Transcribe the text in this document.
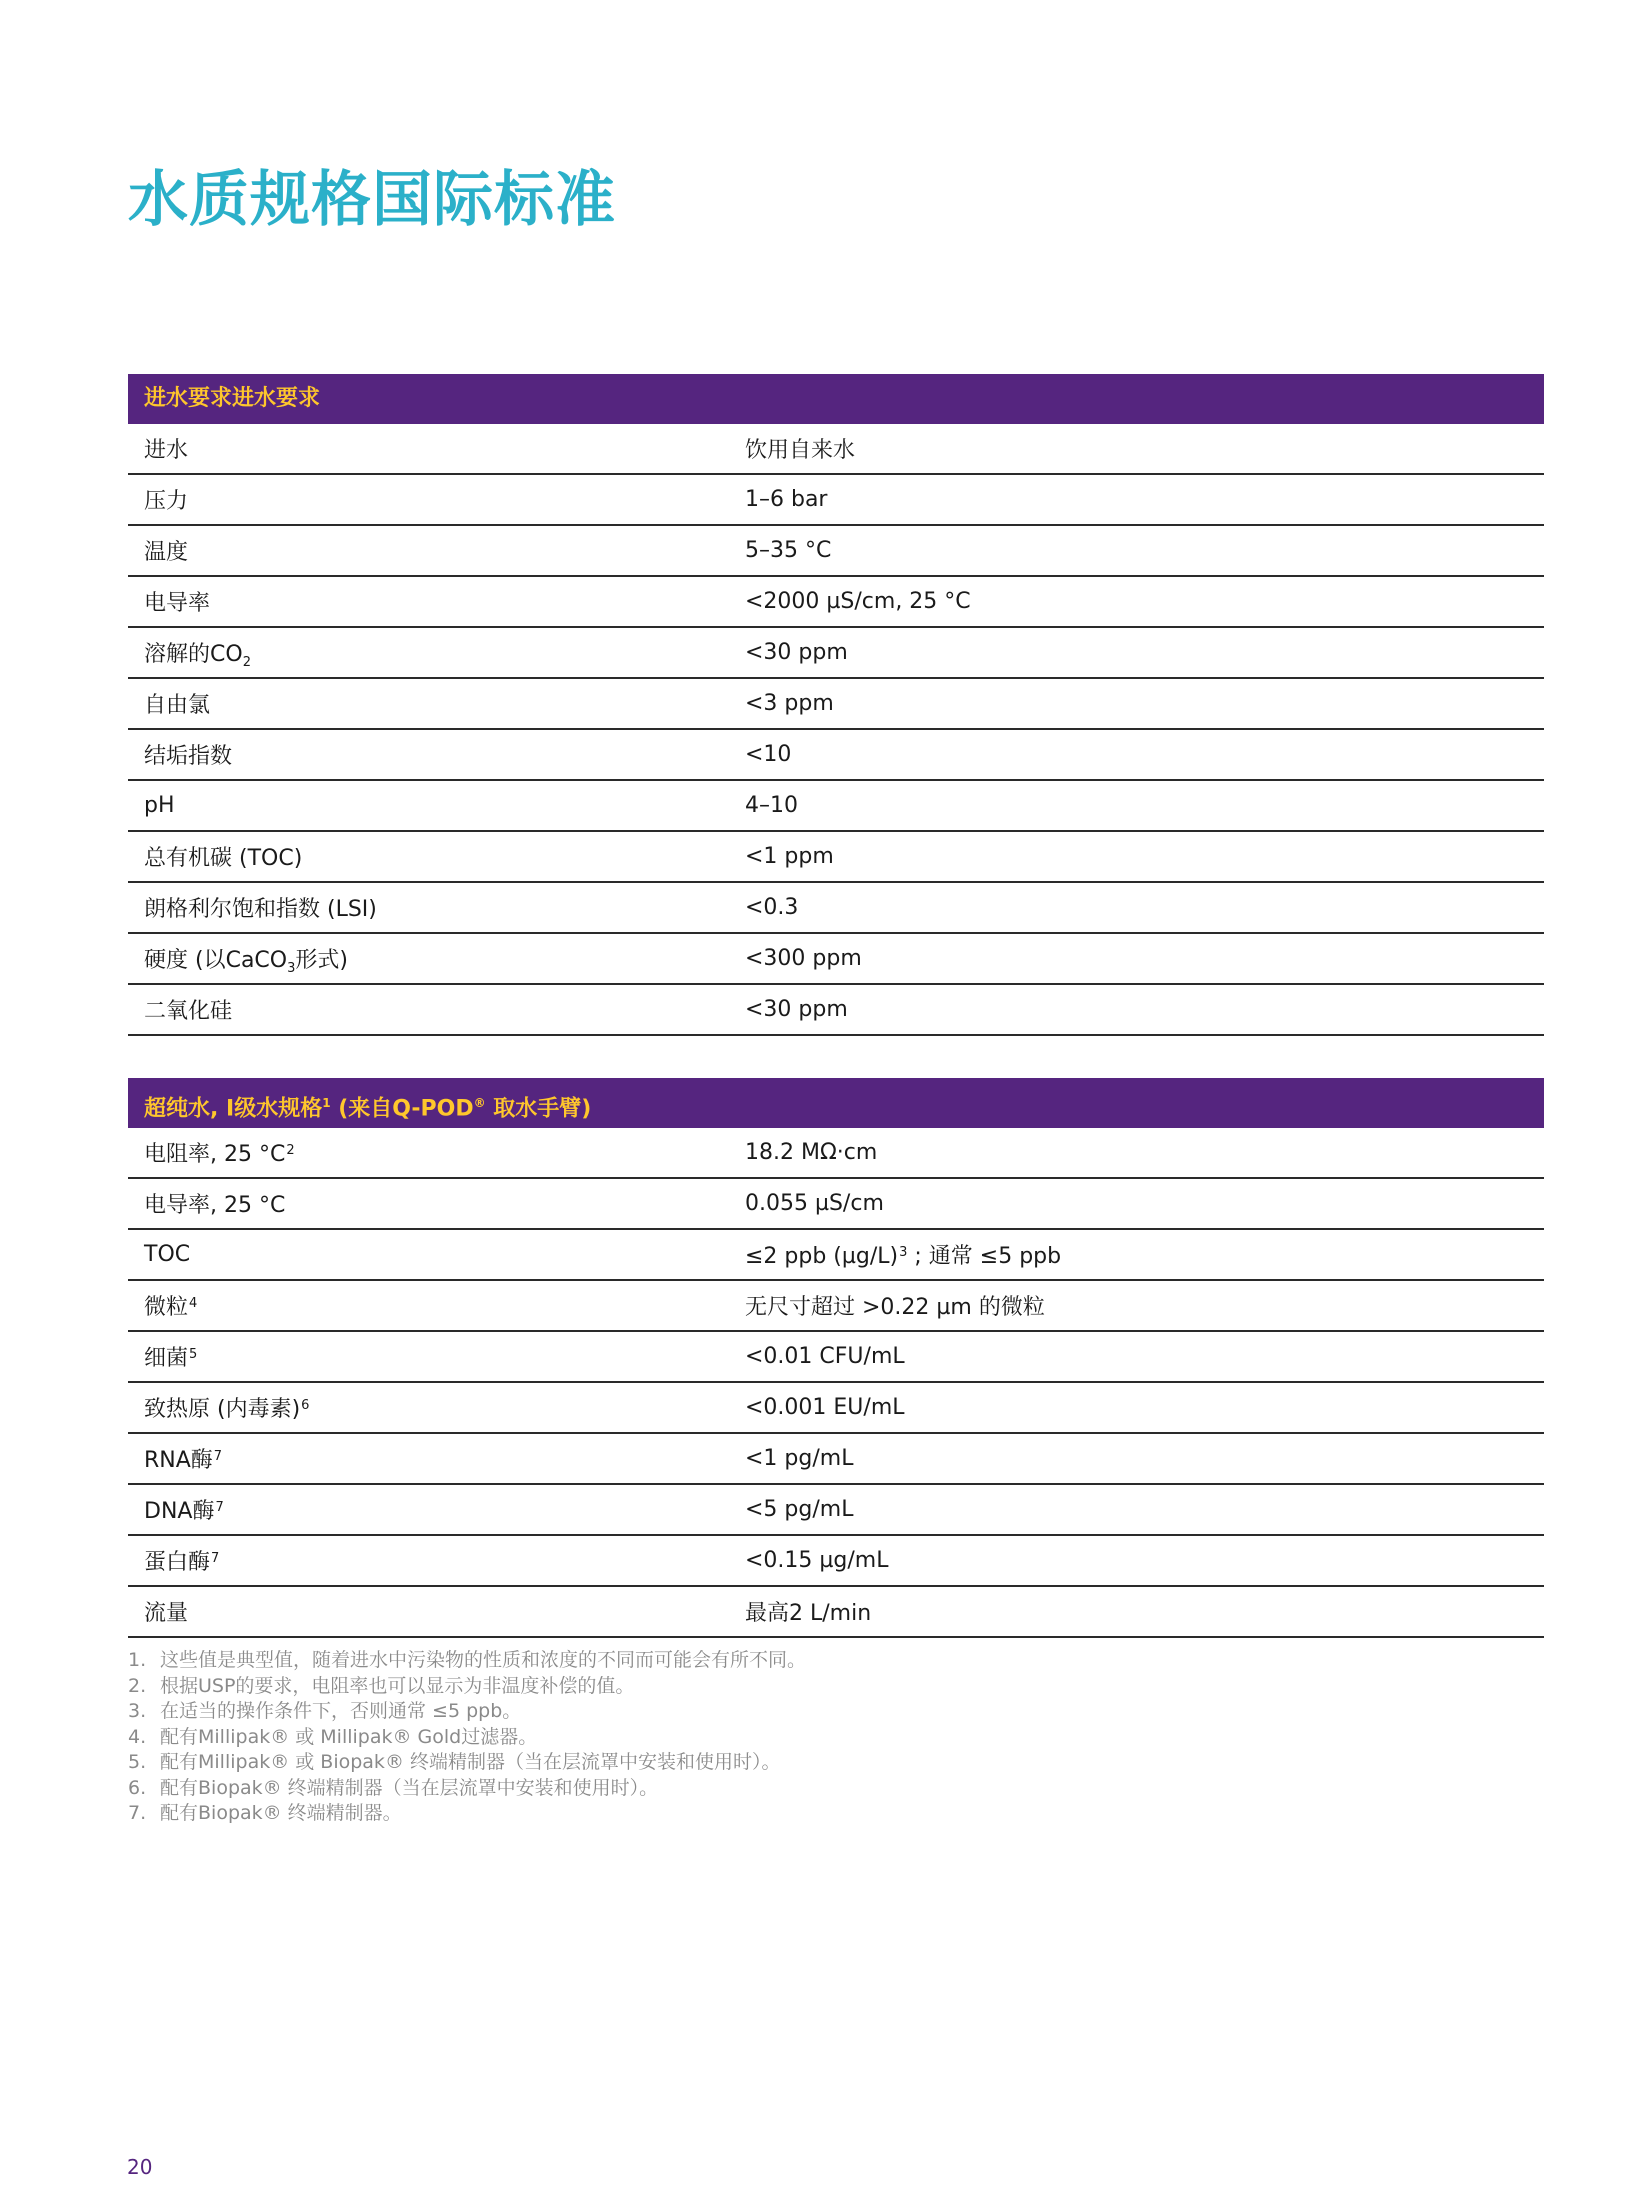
水质规格国际标准
进水要求进水要求
进水	饮用自来水
压力	1–6 bar
温度	5–35 °C
电导率	<2000 µS/cm, 25 °C
溶解的$CO_2$	<30 ppm
自由氯	<3 ppm
结垢指数	<10
pH	4–10
总有机碳 (TOC)	<1 ppm
朗格利尔饱和指数 (LSI)	<0.3
硬度 (以CaCO$_3$形式)	<300 ppm
二氧化硅	<30 ppm
超纯水, I级水规格$^1$ (来自Q-POD® 取水手臂)
电阻率, 25 °C$^2$	18.2 MΩ·cm
电导率, 25 °C	0.055 µS/cm
TOC	≤2 ppb (µg/L)$^3$ ; 通常 ≤5 ppb
微粒$^4$	无尺寸超过 >0.22 µm 的微粒
细菌$^5$	<0.01 CFU/mL
致热原 (内毒素)$^6$	<0.001 EU/mL
RNA酶$^7$	<1 pg/mL
DNA酶$^7$	<5 pg/mL
蛋白酶$^7$	<0.15 µg/mL
流量	最高2 L/min
1. 这些值是典型值，随着进水中污染物的性质和浓度的不同而可能会有所不同。
2. 根据USP的要求，电阻率也可以显示为非温度补偿的值。
3. 在适当的操作条件下，否则通常 ≤5 ppb。
4. 配有Millipak® 或 Millipak® Gold过滤器。
5. 配有Millipak® 或 Biopak® 终端精制器（当在层流罩中安装和使用时）。
6. 配有Biopak® 终端精制器（当在层流罩中安装和使用时）。
7. 配有Biopak® 终端精制器。
20
